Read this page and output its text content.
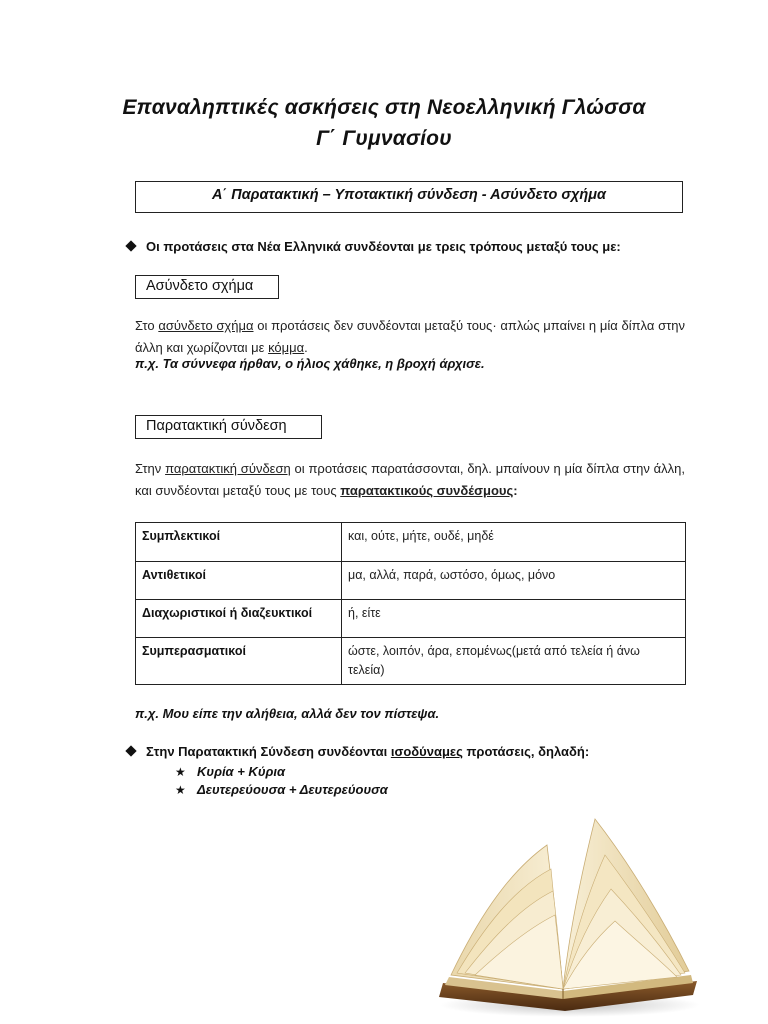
Επαναληπτικές ασκήσεις στη Νεοελληνική Γλώσσα
Γ΄ Γυμνασίου
Α΄ Παρατακτική – Υποτακτική σύνδεση - Ασύνδετο σχήμα
Οι προτάσεις στα Νέα Ελληνικά συνδέονται με τρεις τρόπους μεταξύ τους με:
Ασύνδετο σχήμα
Στο ασύνδετο σχήμα οι προτάσεις δεν συνδέονται μεταξύ τους· απλώς μπαίνει η μία δίπλα στην άλλη και χωρίζονται με κόμμα.
π.χ. Τα σύννεφα ήρθαν, ο ήλιος χάθηκε, η βροχή άρχισε.
Παρατακτική σύνδεση
Στην παρατακτική σύνδεση οι προτάσεις παρατάσσονται, δηλ. μπαίνουν η μία δίπλα στην άλλη, και συνδέονται μεταξύ τους με τους παρατακτικούς συνδέσμους:
Συμπλεκτικοί	και, ούτε, μήτε, ουδέ, μηδέ
Αντιθετικοί	μα, αλλά, παρά, ωστόσο, όμως, μόνο
Διαχωριστικοί ή διαζευκτικοί	ή, είτε
Συμπερασματικοί	ώστε, λοιπόν, άρα, επομένως(μετά από τελεία ή άνω τελεία)
π.χ. Μου είπε την αλήθεια, αλλά δεν τον πίστεψα.
Στην Παρατακτική Σύνδεση συνδέονται ισοδύναμες προτάσεις, δηλαδή:
★ Κυρία + Κύρια
★ Δευτερεύουσα + Δευτερεύουσα
